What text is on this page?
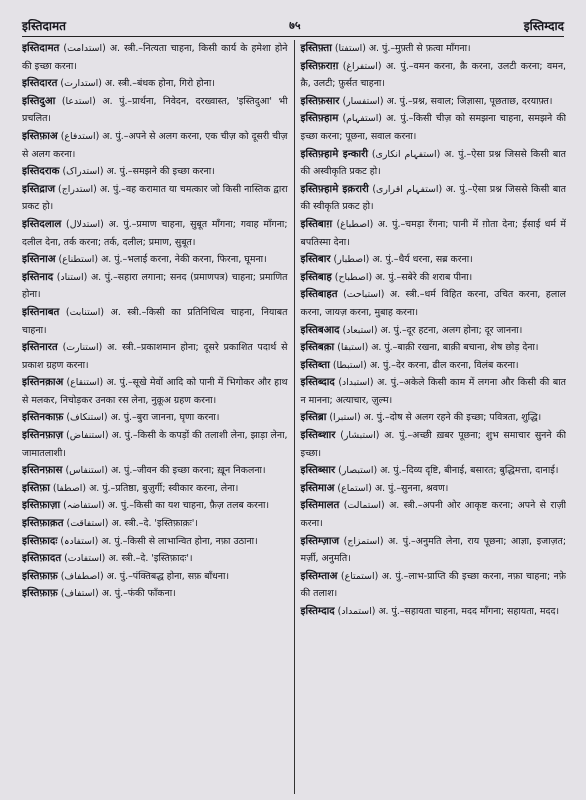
इस्तिदामत	७५	इस्तिम्दाद
इस्तिदामत (استدامت) अ. स्त्री.–नित्यता चाहना, किसी कार्य के हमेशा होने की इच्छा करना।
इस्तिदारत (استدارت) अ. स्त्री.–बंधक होना, गिरो होना।
इस्तिदुआ (استدعا) अ. पुं.–प्रार्थना, निवेदन, दरख्वास्त, 'इस्तिदुआ' भी प्रचलित।
इस्तिफ़ाअ (استدفاع) अ. पुं.–अपने से अलग करना, एक चीज़ को दूसरी चीज़ से अलग करना।
इस्तिदराक (استدراک) अ. पुं.–समझने की इच्छा करना।
इस्तिद्राज (استدراج) अ. पुं.–वह करामात या चमत्कार जो किसी नास्तिक द्वारा प्रकट हो।
इस्तिदलाल (استدلال) अ. पुं.–प्रमाण चाहना, सुबूत माँगना; गवाह माँगना; दलील देना, तर्क करना; तर्क, दलील; प्रमाण, सुबूत।
इस्तिनाअ (استطناع) अ. पुं.–भलाई करना, नेकी करना, फिरना, घूमना।
इस्तिनाद (استناد) अ. पुं.–सहारा लगाना; सनद (प्रमाणपत्र) चाहना; प्रमाणित होना।
इस्तिनाबत (استنابت) अ. स्त्री.–किसी का प्रतिनिधित्व चाहना, नियाबत चाहना।
इस्तिनारत (استنارت) अ. स्त्री.–प्रकाशमान होना; दूसरे प्रकाशित पदार्थ से प्रकाश ग्रहण करना।
इस्तिनक़ाअ (استنقاع) अ. पुं.–सूखे मेवों आदि को पानी में भिगोकर और हाथ से मलकर, निचोड़कर उनका रस लेना, नुक़ूअ ग्रहण करना।
इस्तिनकाफ़ (استنکاف) अ. पुं.–बुरा जानना, घृणा करना।
इस्तिनफ़ाज़ (استنفاض) अ. पुं.–किसी के कपड़ों की तलाशी लेना, झाड़ा लेना, जामातलाशी।
इस्तिनफ़ास (استنفاس) अ. पुं.–जीवन की इच्छा करना; ख़ून निकलना।
इस्तिफ़ा (اصطفا) अ. पुं.–प्रतिष्ठा, बुज़ुर्गी; स्वीकार करना, लेना।
इस्तिफ़ाज़ा (استفاضہ) अ. पुं.–किसी का यश चाहना, फ़ैज़ तलब करना।
इस्तिफ़ाक़त (استفاقت) अ. स्त्री.–दे. 'इस्तिफ़ाक़ः'।
इस्तिफ़ादः (استفادہ) अ. पुं.–किसी से लाभान्वित होना, नफ़ा उठाना।
इस्तिफ़ादत (استفادت) अ. स्त्री.–दे. 'इस्तिफ़ादः'।
इस्तिफ़ाफ़ (اصطفاف) अ. पुं.–पंक्तिबद्ध होना, सफ़ बाँधना।
इस्तिफ़ाफ़ (استفاف) अ. पुं.–फंकी फाँकना।
इस्तिफ़्ता (استفتا) अ. पुं.–मुफ़्ती से फ़त्वा माँगना।
इस्तिफ़राग़ (استفراغ) अ. पुं.–वमन करना, क़ै करना, उलटी करना; वमन, क़ै, उलटी; फ़ुर्सत चाहना।
इस्तिफ़सार (استفسار) अ. पुं.–प्रश्न, सवाल; जिज्ञासा, पूछताछ, दरयाफ़्त।
इस्तिफ़्हाम (استفہام) अ. पुं.–किसी चीज़ को समझना चाहना, समझने की इच्छा करना; पूछना, सवाल करना।
इस्तिफ़्हामे इन्कारी (استفہام انکاری) अ. पुं.–ऐसा प्रश्न जिससे किसी बात की अस्वीकृति प्रकट हो।
इस्तिफ़्हामे इक़रारी (استفہام اقراری) अ. पुं.–ऐसा प्रश्न जिससे किसी बात की स्वीकृति प्रकट हो।
इस्तिबाग़ (اصطباغ) अ. पुं.–चमड़ा रँगना; पानी में ग़ोता देना; ईसाई धर्म में बपतिस्मा देना।
इस्तिबार (اصطبار) अ. पुं.–धैर्य धरना, सब्र करना।
इस्तिबाह (اصطباح) अ. पुं.–सबेरे की शराब पीना।
इस्तिबाहत (استباحت) अ. स्त्री.–धर्म विहित करना, उचित करना, हलाल करना, जायज़ करना, मुबाह करना।
इस्तिबआद (استبعاد) अ. पुं.–दूर हटना, अलग होना; दूर जानना।
इस्तिबक़ा (استبقا) अ. पुं.–बाक़ी रखना, बाक़ी बचाना, शेष छोड़ देना।
इस्तिब्ता (استبطا) अ. पुं.–देर करना, ढील करना, विलंब करना।
इस्तिब्दाद (استبداد) अ. पुं.–अकेले किसी काम में लगना और किसी की बात न मानना; अत्याचार, ज़ुल्म।
इस्तिब्रा (استبرا) अ. पुं.–दोष से अलग रहने की इच्छा; पवित्रता, शुद्धि।
इस्तिब्शार (استبشار) अ. पुं.–अच्छी ख़बर पूछना; शुभ समाचार सुनने की इच्छा।
इस्तिब्सार (استبصار) अ. पुं.–दिव्य दृष्टि, बीनाई, बसारत; बुद्धिमत्ता, दानाई।
इस्तिमाअ (استماع) अ. पुं.–सुनना, श्रवण।
इस्तिमालत (استمالت) अ. स्त्री.–अपनी ओर आकृष्ट करना; अपने से राज़ी करना।
इस्तिम्ज़ाज (استمزاج) अ. पुं.–अनुमति लेना, राय पूछना; आज्ञा, इजाज़त; मर्ज़ी, अनुमति।
इस्तिम्ताअ (استمتاع) अ. पुं.–लाभ-प्राप्ति की इच्छा करना, नफ़ा चाहना; नफ़े की तलाश।
इस्तिम्दाद (استمداد) अ. पुं.–सहायता चाहना, मदद माँगना; सहायता, मदद।
